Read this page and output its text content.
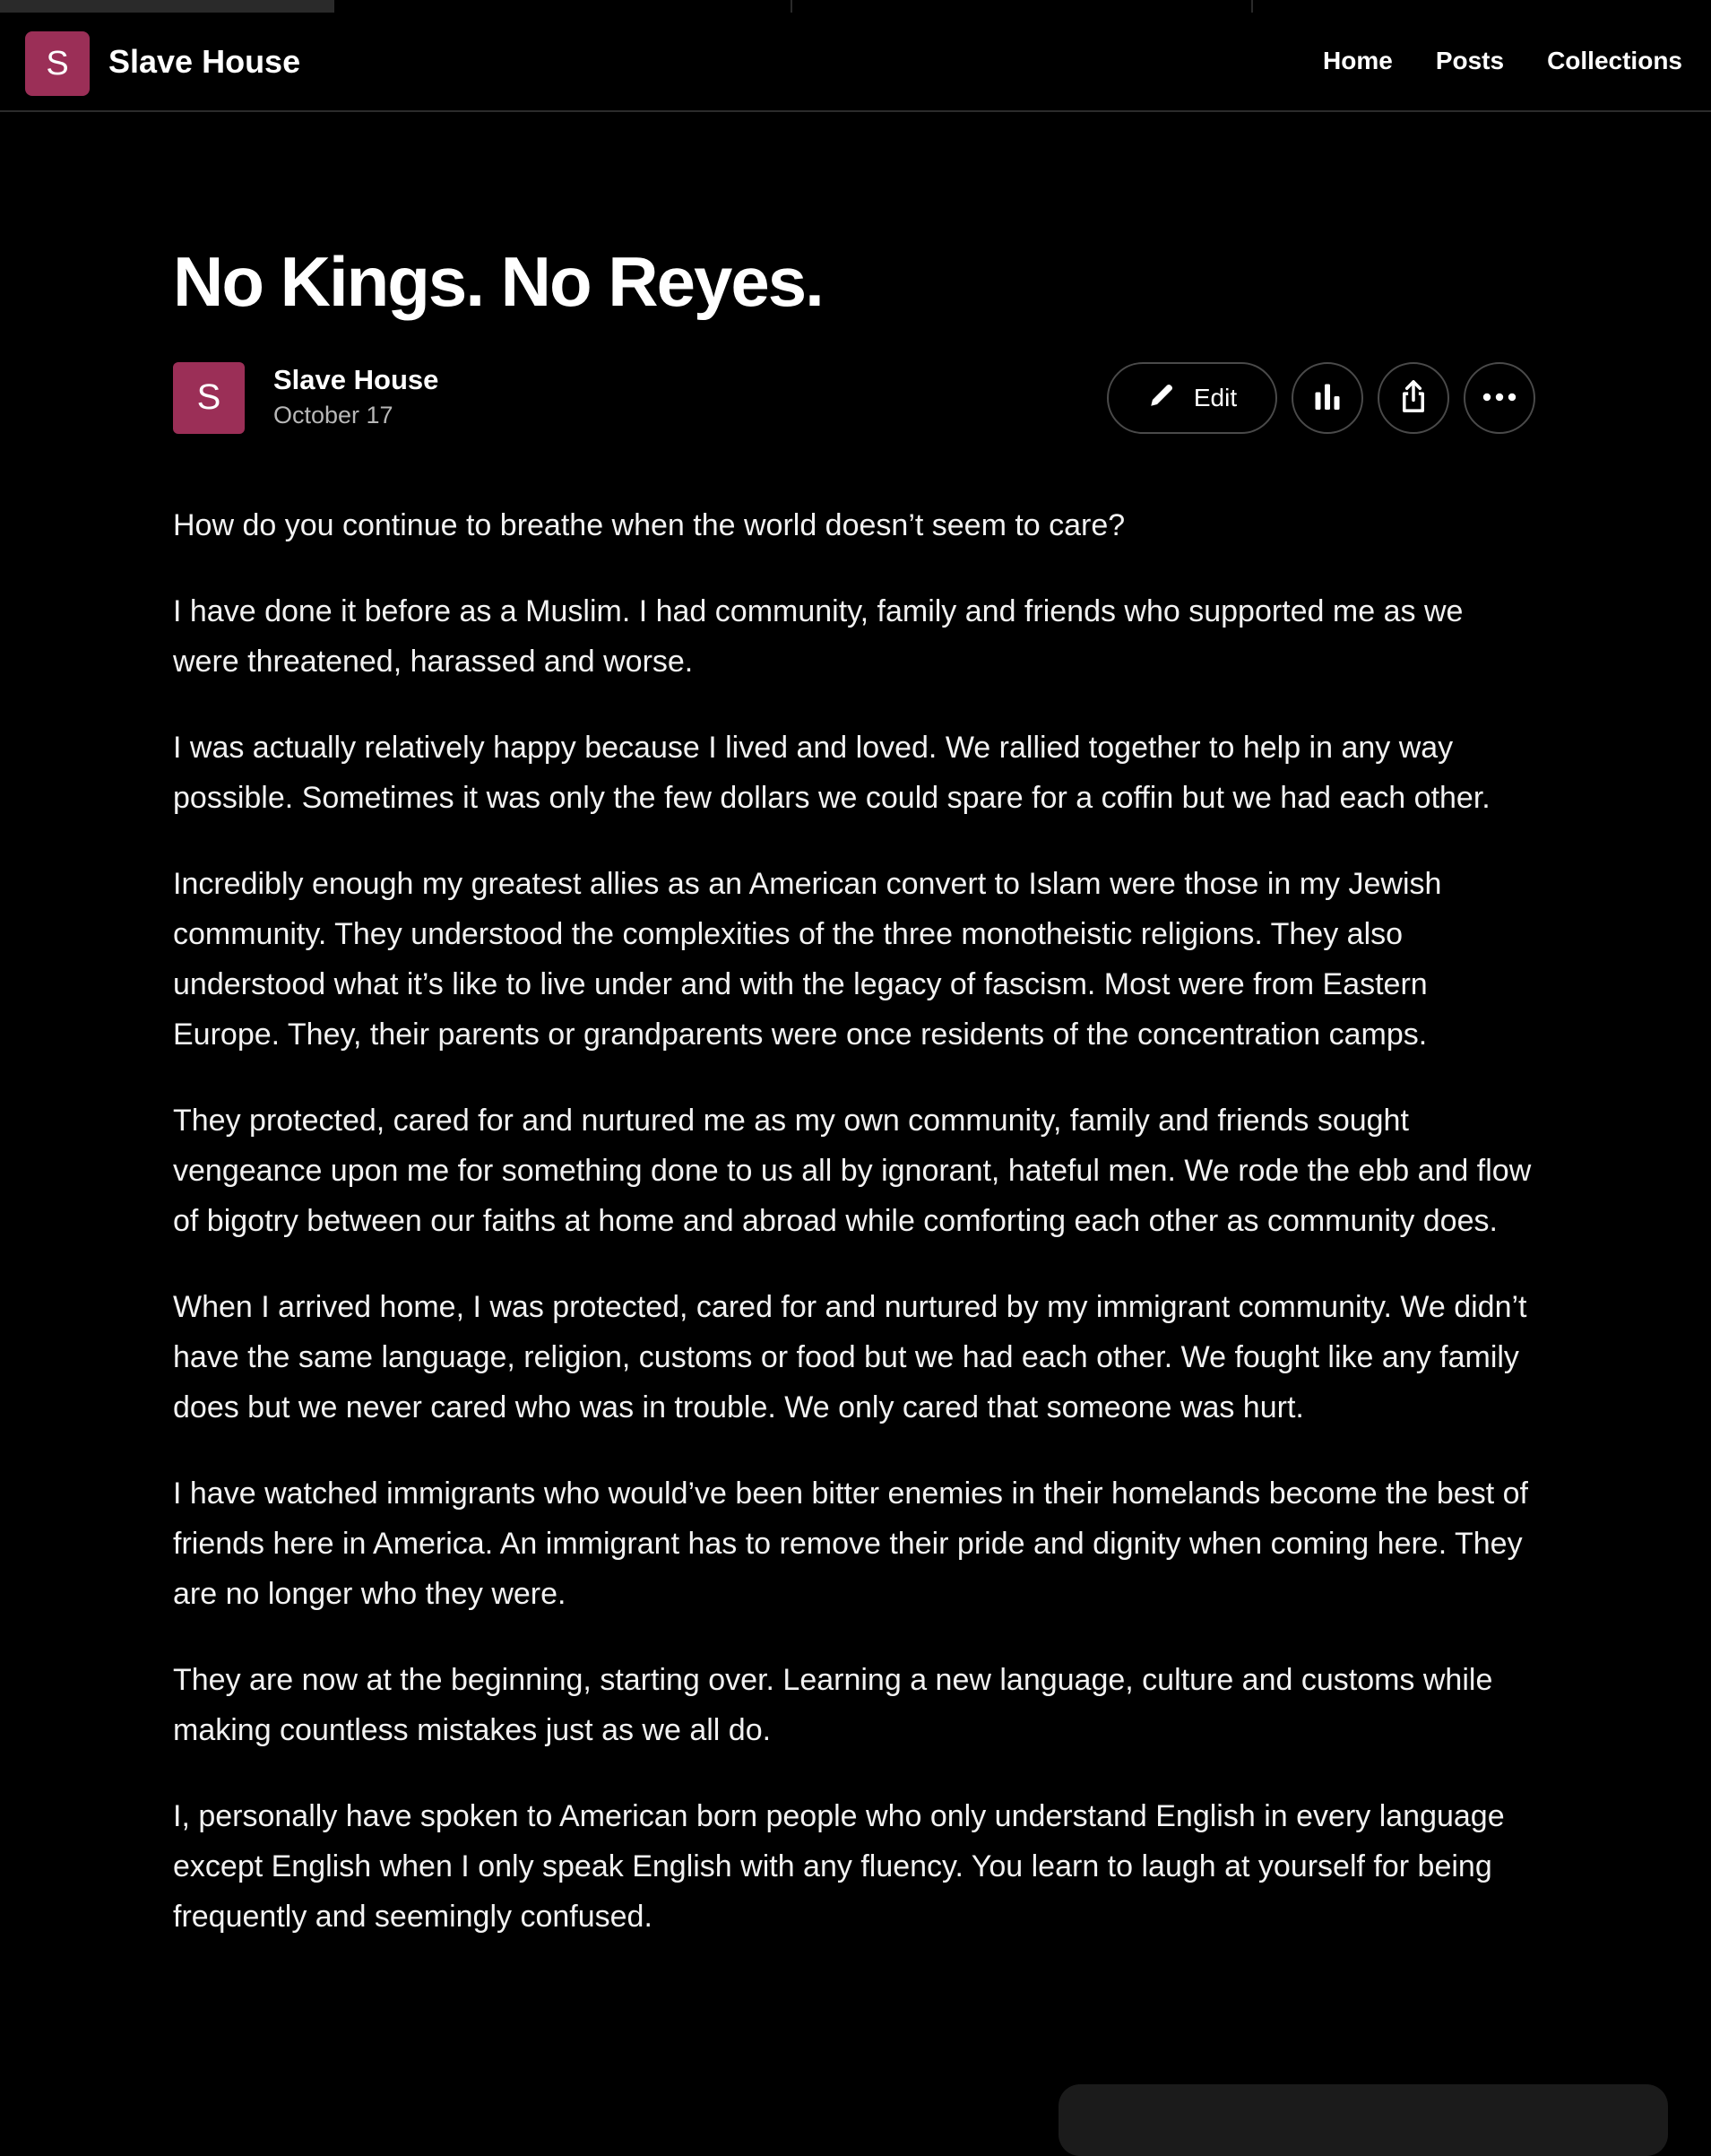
S	Slave House	Home Posts Collections
No Kings. No Reyes.
S	Slave House
October 17
Edit

How do you continue to breathe when the world doesn’t seem to care?

I have done it before as a Muslim. I had community, family and friends who supported me as we were threatened, harassed and worse.

I was actually relatively happy because I lived and loved. We rallied together to help in any way possible. Sometimes it was only the few dollars we could spare for a coffin but we had each other.

Incredibly enough my greatest allies as an American convert to Islam were those in my Jewish community. They understood the complexities of the three monotheistic religions. They also understood what it’s like to live under and with the legacy of fascism. Most were from Eastern Europe. They, their parents or grandparents were once residents of the concentration camps.

They protected, cared for and nurtured me as my own community, family and friends sought vengeance upon me for something done to us all by ignorant, hateful men. We rode the ebb and flow of bigotry between our faiths at home and abroad while comforting each other as community does.

When I arrived home, I was protected, cared for and nurtured by my immigrant community. We didn’t have the same language, religion, customs or food but we had each other. We fought like any family does but we never cared who was in trouble. We only cared that someone was hurt.

I have watched immigrants who would’ve been bitter enemies in their homelands become the best of friends here in America. An immigrant has to remove their pride and dignity when coming here. They are no longer who they were.

They are now at the beginning, starting over. Learning a new language, culture and customs while making countless mistakes just as we all do.

I, personally have spoken to American born people who only understand English in every language except English when I only speak English with any fluency. You learn to laugh at yourself for being frequently and seemingly confused.
